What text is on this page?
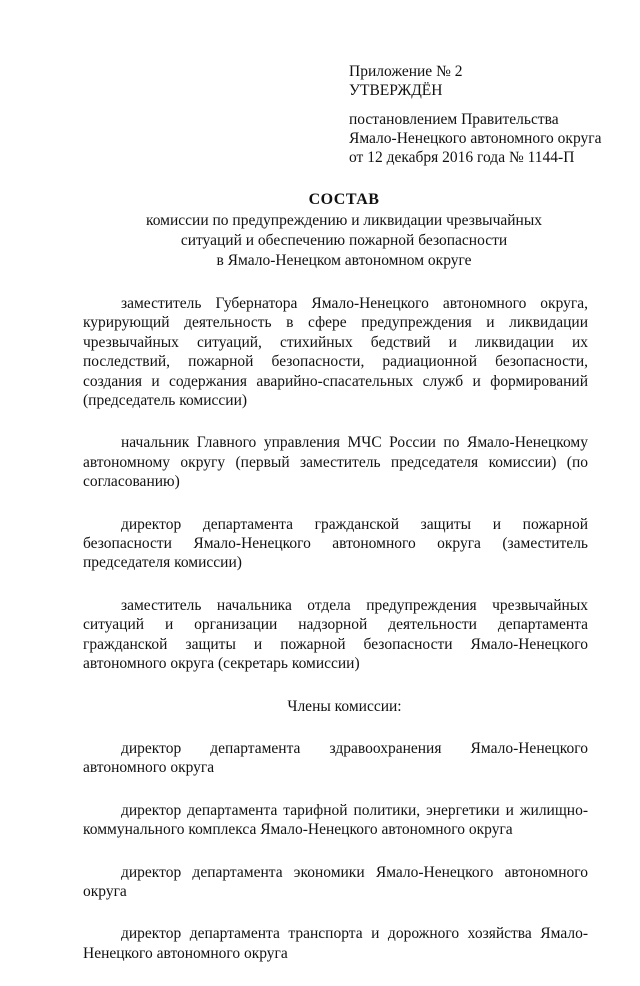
Приложение № 2
УТВЕРЖДЁН
постановлением Правительства
Ямало-Ненецкого автономного округа
от 12 декабря 2016 года № 1144-П
СОСТАВ
комиссии по предупреждению и ликвидации чрезвычайных
ситуаций и обеспечению пожарной безопасности
в Ямало-Ненецком автономном округе

заместитель Губернатора Ямало-Ненецкого автономного округа, курирующий деятельность в сфере предупреждения и ликвидации чрезвычайных ситуаций, стихийных бедствий и ликвидации их последствий, пожарной безопасности, радиационной безопасности, создания и содержания аварийно-спасательных служб и формирований (председатель комиссии)

начальник Главного управления МЧС России по Ямало-Ненецкому автономному округу (первый заместитель председателя комиссии) (по согласованию)

директор департамента гражданской защиты и пожарной безопасности Ямало-Ненецкого автономного округа (заместитель председателя комиссии)

заместитель начальника отдела предупреждения чрезвычайных ситуаций и организации надзорной деятельности департамента гражданской защиты и пожарной безопасности Ямало-Ненецкого автономного округа (секретарь комиссии)

Члены комиссии:

директор департамента здравоохранения Ямало-Ненецкого автономного округа

директор департамента тарифной политики, энергетики и жилищно-коммунального комплекса Ямало-Ненецкого автономного округа

директор департамента экономики Ямало-Ненецкого автономного округа

директор департамента транспорта и дорожного хозяйства Ямало-Ненецкого автономного округа
